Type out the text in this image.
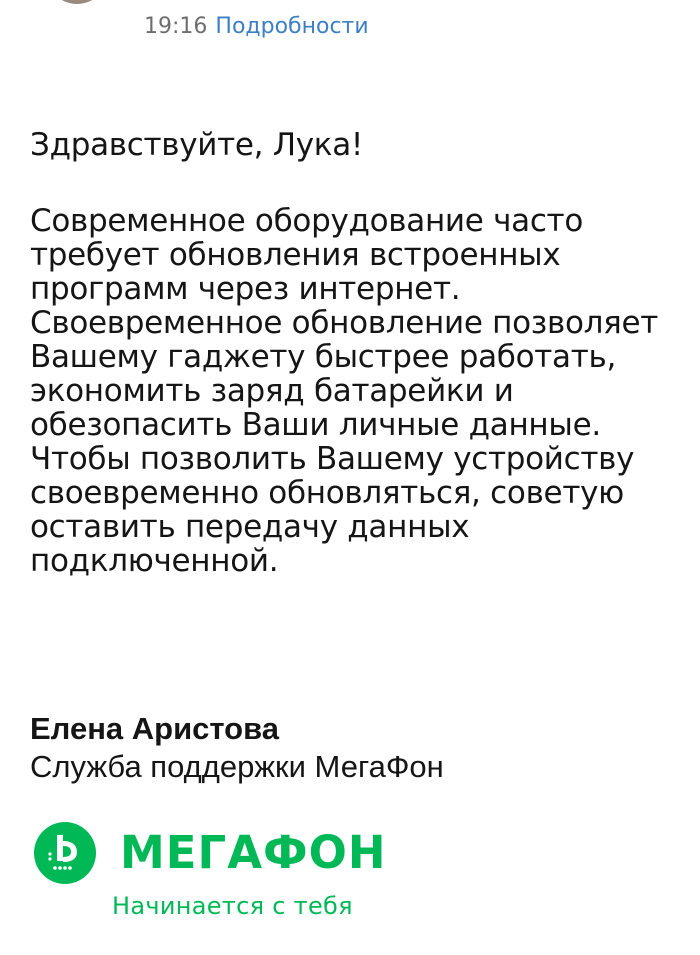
19:16 Подробности
Здравствуйте, Лука!
Современное оборудование часто
требует обновления встроенных
программ через интернет.
Своевременное обновление позволяет
Вашему гаджету быстрее работать,
экономить заряд батарейки и
обезопасить Ваши личные данные.
Чтобы позволить Вашему устройству
своевременно обновляться, советую
оставить передачу данных
подключенной.
Елена Аристова
Служба поддержки МегаФон
МЕГАФОН
Начинается с тебя
